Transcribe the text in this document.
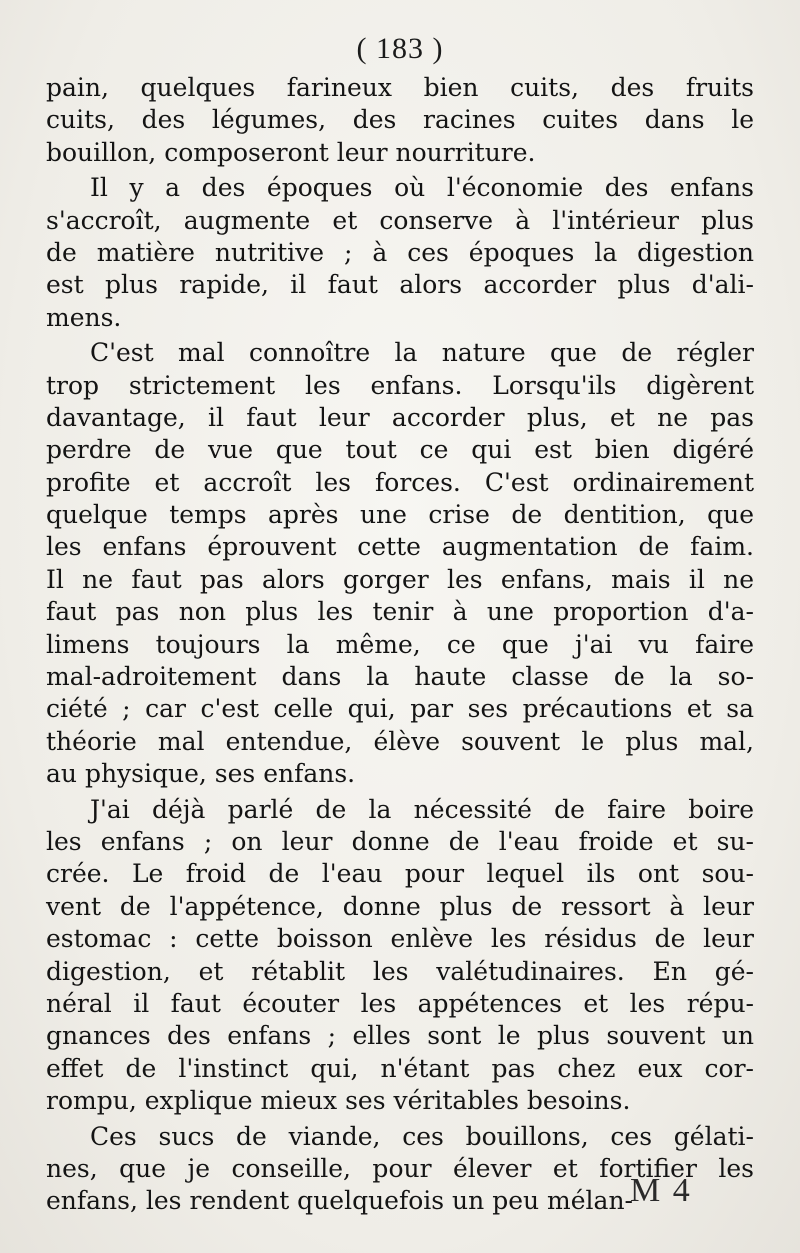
( 183 )
pain, quelques farineux bien cuits, des fruits
cuits, des légumes, des racines cuites dans le
bouillon, composeront leur nourriture.
Il y a des époques où l'économie des enfans
s'accroît, augmente et conserve à l'intérieur plus
de matière nutritive ; à ces époques la digestion
est plus rapide, il faut alors accorder plus d'ali-
mens.
C'est mal connoître la nature que de régler
trop strictement les enfans. Lorsqu'ils digèrent
davantage, il faut leur accorder plus, et ne pas
perdre de vue que tout ce qui est bien digéré
profite et accroît les forces. C'est ordinairement
quelque temps après une crise de dentition, que
les enfans éprouvent cette augmentation de faim.
Il ne faut pas alors gorger les enfans, mais il ne
faut pas non plus les tenir à une proportion d'a-
limens toujours la même, ce que j'ai vu faire
mal-adroitement dans la haute classe de la so-
ciété ; car c'est celle qui, par ses précautions et sa
théorie mal entendue, élève souvent le plus mal,
au physique, ses enfans.
J'ai déjà parlé de la nécessité de faire boire
les enfans ; on leur donne de l'eau froide et su-
crée. Le froid de l'eau pour lequel ils ont sou-
vent de l'appétence, donne plus de ressort à leur
estomac : cette boisson enlève les résidus de leur
digestion, et rétablit les valétudinaires. En gé-
néral il faut écouter les appétences et les répu-
gnances des enfans ; elles sont le plus souvent un
effet de l'instinct qui, n'étant pas chez eux cor-
rompu, explique mieux ses véritables besoins.
Ces sucs de viande, ces bouillons, ces gélati-
nes, que je conseille, pour élever et fortifier les
enfans, les rendent quelquefois un peu mélan-
M 4
